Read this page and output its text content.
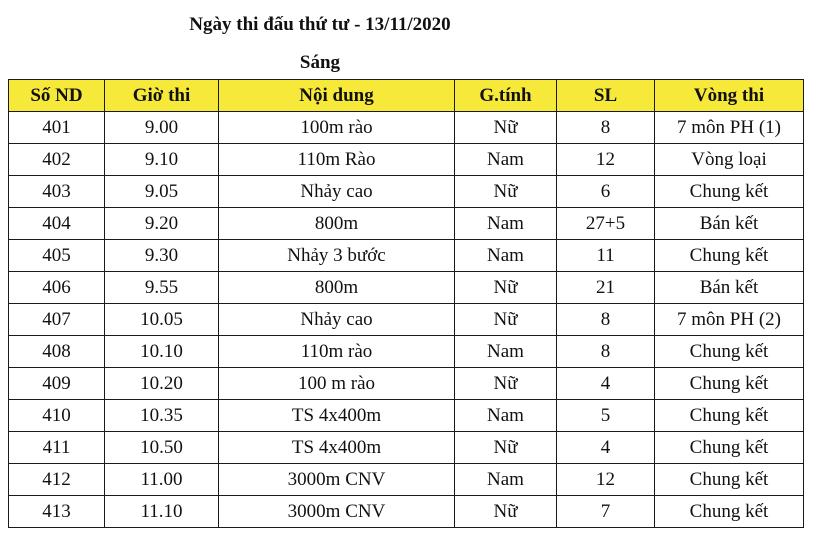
Ngày thi đấu thứ tư - 13/11/2020
Sáng
Số ND	Giờ thi	Nội dung	G.tính	SL	Vòng thi
401	9.00	100m rào	Nữ	8	7 môn PH (1)
402	9.10	110m Rào	Nam	12	Vòng loại
403	9.05	Nhảy cao	Nữ	6	Chung kết
404	9.20	800m	Nam	27+5	Bán kết
405	9.30	Nhảy 3 bước	Nam	11	Chung kết
406	9.55	800m	Nữ	21	Bán kết
407	10.05	Nhảy cao	Nữ	8	7 môn PH (2)
408	10.10	110m rào	Nam	8	Chung kết
409	10.20	100 m rào	Nữ	4	Chung kết
410	10.35	TS 4x400m	Nam	5	Chung kết
411	10.50	TS 4x400m	Nữ	4	Chung kết
412	11.00	3000m CNV	Nam	12	Chung kết
413	11.10	3000m CNV	Nữ	7	Chung kết
